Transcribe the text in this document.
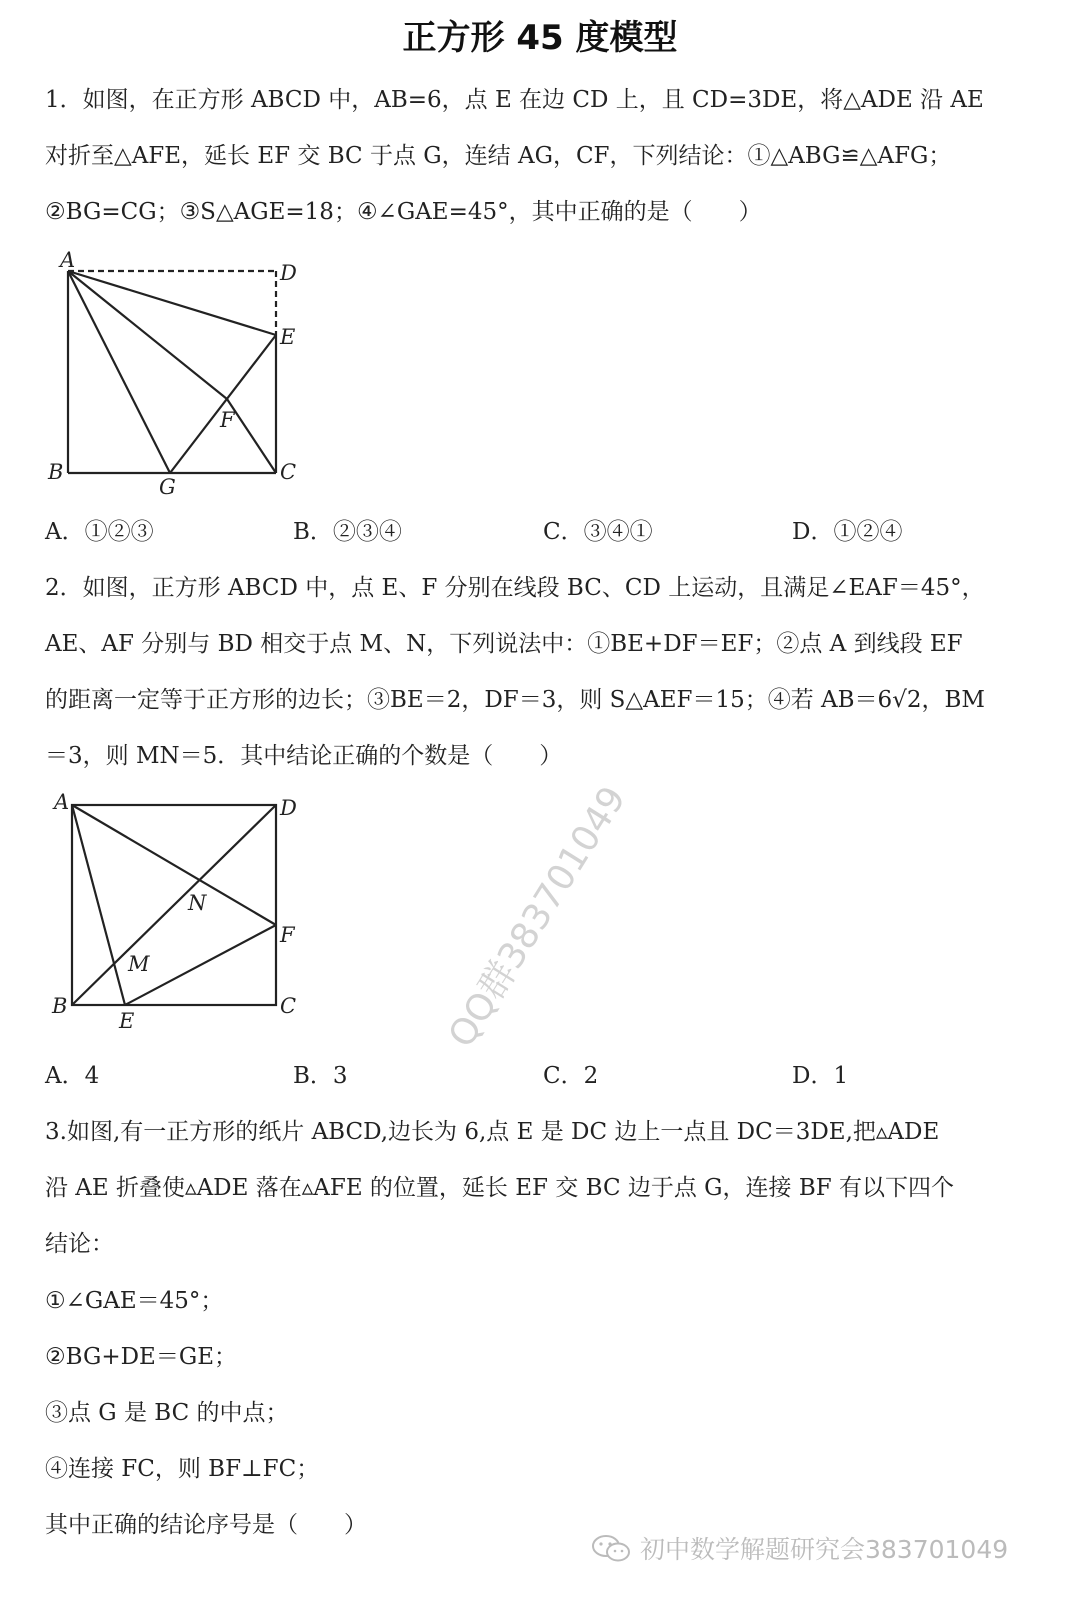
正方形 45 度模型
1．如图，在正方形 ABCD 中，AB=6，点 E 在边 CD 上，且 CD=3DE，将△ADE 沿 AE
对折至△AFE，延长 EF 交 BC 于点 G，连结 AG，CF，下列结论：①△ABG≌△AFG；
②BG=CG；③S△AGE=18；④∠GAE=45°，其中正确的是（　　）
A
D
E
F
B
G
C
A．①②③	B．②③④	C．③④①	D．①②④
2．如图，正方形 ABCD 中，点 E、F 分别在线段 BC、CD 上运动，且满足∠EAF＝45°，
AE、AF 分别与 BD 相交于点 M、N，下列说法中：①BE+DF＝EF；②点 A 到线段 EF
的距离一定等于正方形的边长；③BE＝2，DF＝3，则 S△AEF＝15；④若 AB＝6√2，BM
＝3，则 MN＝5．其中结论正确的个数是（　　）
A	D
N
F
M
B
E
C
A．4	B．3	C．2	D．1
3.如图,有一正方形的纸片 ABCD,边长为 6,点 E 是 DC 边上一点且 DC＝3DE,把▵ADE
沿 AE 折叠使▵ADE 落在▵AFE 的位置，延长 EF 交 BC 边于点 G，连接 BF 有以下四个
结论：
①∠GAE＝45°；
②BG+DE＝GE；
③点 G 是 BC 的中点；
④连接 FC，则 BF⊥FC；
其中正确的结论序号是（　　）
QQ群383701049
初中数学解题研究会383701049
